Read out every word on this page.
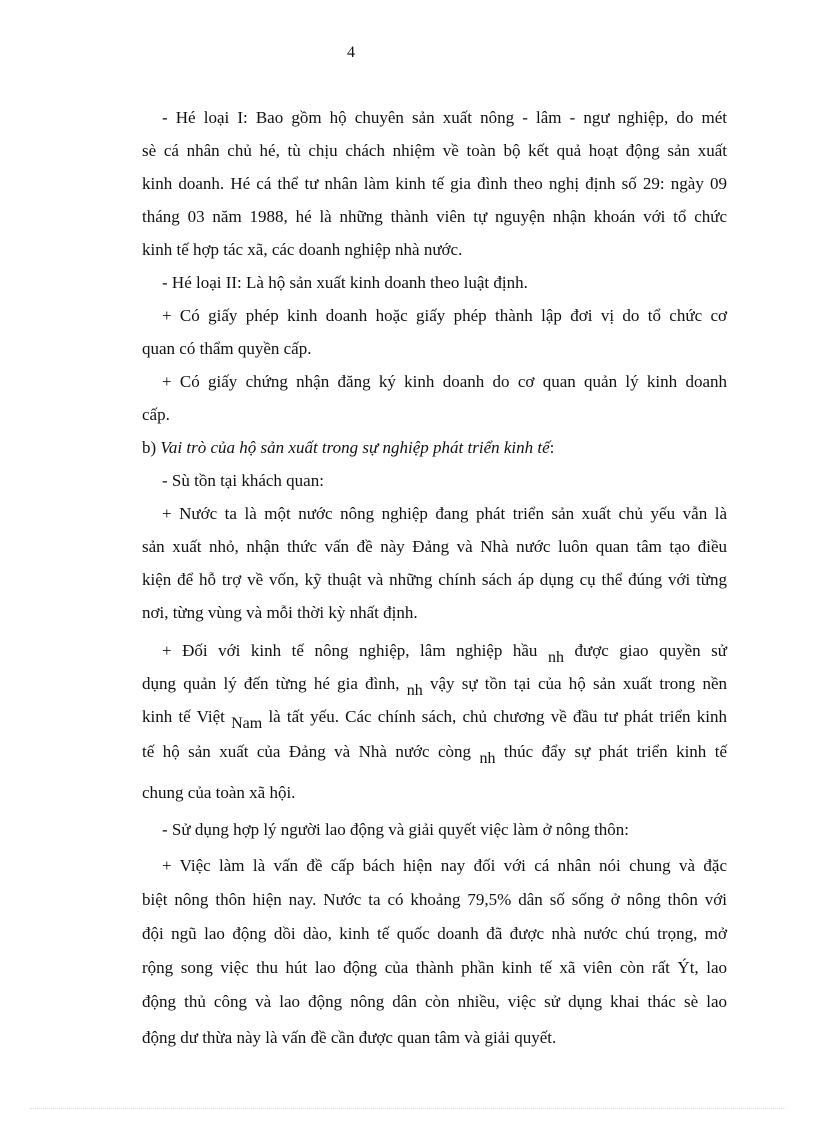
4
- Hé loại I: Bao gồm hộ chuyên sản xuất nông - lâm - ngư nghiệp, do mét
sè cá nhân chủ hé, tù chịu chách nhiệm về toàn bộ kết quả hoạt động sản xuất
kinh doanh. Hé cá thể tư nhân làm kinh tế gia đình theo nghị định số 29: ngày 09
tháng 03 năm 1988, hé là những thành viên tự nguyện nhận khoán với tổ chức
kinh tế hợp tác xã, các doanh nghiệp nhà nước.
- Hé loại II: Là hộ sản xuất kinh doanh theo luật định.
+ Có giấy phép kinh doanh hoặc giấy phép thành lập đơi vị do tổ chức cơ
quan có thẩm quyền cấp.
+ Có giấy chứng nhận đăng ký kinh doanh do cơ quan quản lý kinh doanh
cấp.
b) Vai trò của hộ sản xuất trong sự nghiệp phát triển kinh tế:
- Sù tồn tại khách quan:
+ Nước ta là một nước nông nghiệp đang phát triển sản xuất chủ yếu vẫn là
sản xuất nhỏ, nhận thức vấn đề này Đảng và Nhà nước luôn quan tâm tạo điều
kiện để hỗ trợ về vốn, kỹ thuật và những chính sách áp dụng cụ thể đúng với từng
nơi, từng vùng và mỗi thời kỳ nhất định.
+ Đối với kinh tế nông nghiệp, lâm nghiệp hầu nh được giao quyền sử
dụng quản lý đến từng hé gia đình, nh vậy sự tồn tại của hộ sản xuất trong nền
kinh tế Việt Nam là tất yếu. Các chính sách, chủ chương về đầu tư phát triển kinh
tế hộ sản xuất của Đảng và Nhà nước còng nh thúc đẩy sự phát triển kinh tế
chung của toàn xã hội.
- Sử dụng hợp lý người lao động và giải quyết việc làm ở nông thôn:
+ Việc làm là vấn đề cấp bách hiện nay đối với cá nhân nói chung và đặc
biệt nông thôn hiện nay. Nước ta có khoảng 79,5% dân số sống ở nông thôn với
đội ngũ lao động dồi dào, kinh tế quốc doanh đã được nhà nước chú trọng, mở
rộng song việc thu hút lao động của thành phần kinh tế xã viên còn rất Ýt, lao
động thủ công và lao động nông dân còn nhiều, việc sử dụng khai thác sè lao
động dư thừa này là vấn đề cần được quan tâm và giải quyết.
